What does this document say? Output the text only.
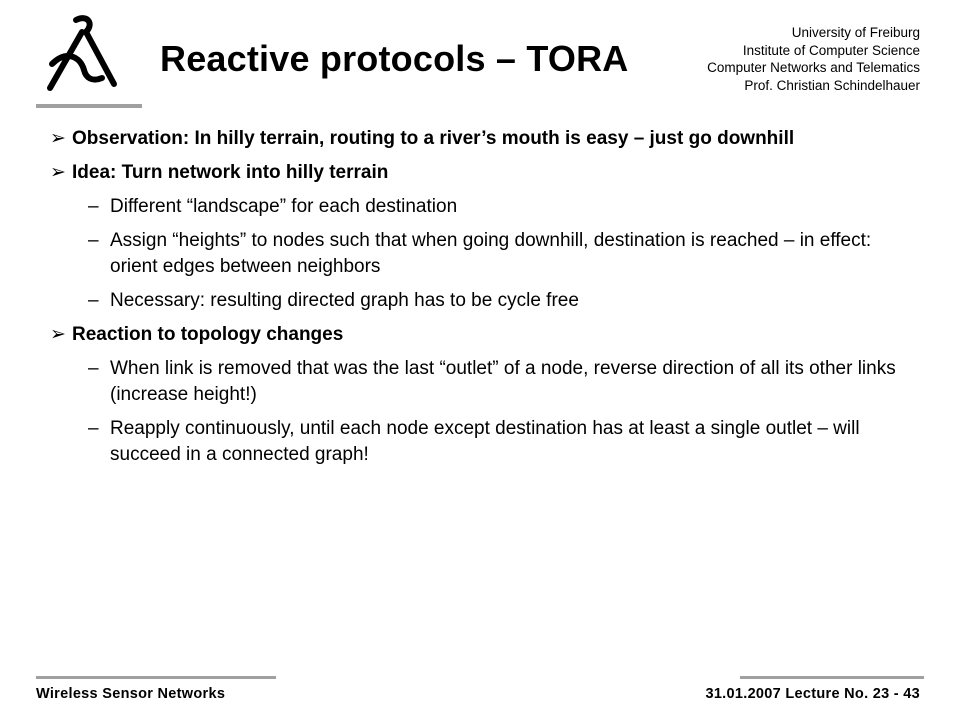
Reactive protocols – TORA
University of Freiburg
Institute of Computer Science
Computer Networks and Telematics
Prof. Christian Schindelhauer
➢ Observation: In hilly terrain, routing to a river’s mouth is easy – just go downhill
➢ Idea: Turn network into hilly terrain
– Different “landscape” for each destination
– Assign “heights” to nodes such that when going downhill, destination is reached – in effect: orient edges between neighbors
– Necessary: resulting directed graph has to be cycle free
➢ Reaction to topology changes
– When link is removed that was the last “outlet” of a node, reverse direction of all its other links (increase height!)
– Reapply continuously, until each node except destination has at least a single outlet – will succeed in a connected graph!
Wireless Sensor Networks	31.01.2007 Lecture No. 23 - 43
